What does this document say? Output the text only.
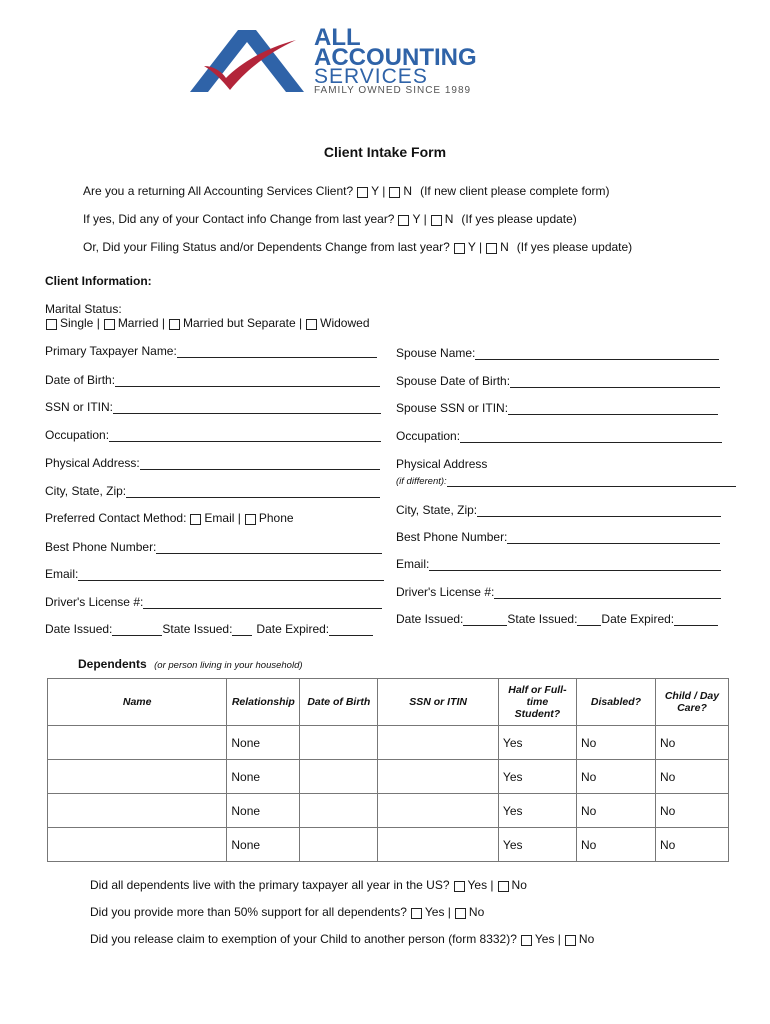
ALL
ACCOUNTING
SERVICES
FAMILY OWNED SINCE 1989
Client Intake Form
Are you a returning All Accounting Services Client? Y | N (If new client please complete form)
If yes, Did any of your Contact info Change from last year? Y | N (If yes please update)
Or, Did your Filing Status and/or Dependents Change from last year? Y | N (If yes please update)
Client Information:
Marital Status:
Single | Married | Married but Separate | Widowed
Primary Taxpayer Name:
Date of Birth:
SSN or ITIN:
Occupation:
Physical Address:
City, State, Zip:
Preferred Contact Method: Email | Phone
Best Phone Number:
Email:
Driver's License #:
Date Issued:	State Issued: Date Expired:
Spouse Name:
Spouse Date of Birth:
Spouse SSN or ITIN:
Occupation:
Physical Address
(if different):
City, State, Zip:
Best Phone Number:
Email:
Driver's License #:
Date Issued:	State Issued: Date Expired:
Dependents (or person living in your household)
Name	Relationship	Date of Birth	SSN or ITIN	Half or Full-time Student?	Disabled?	Child / Day Care?
	None			Yes	No	No
	None			Yes	No	No
	None			Yes	No	No
	None			Yes	No	No
Did all dependents live with the primary taxpayer all year in the US? Yes | No
Did you provide more than 50% support for all dependents? Yes | No
Did you release claim to exemption of your Child to another person (form 8332)? Yes | No
